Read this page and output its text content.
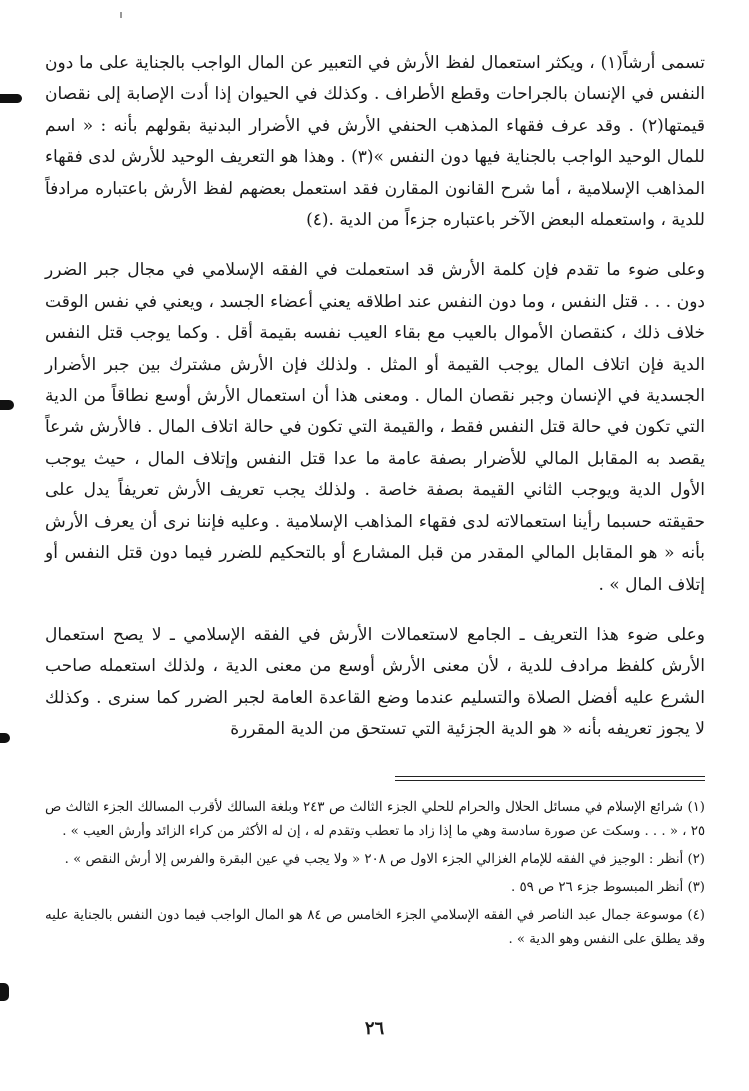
تسمى أرشاً‏(١) ، ويكثر استعمال لفظ الأرش في التعبير عن المال الواجب بالجناية على ما دون النفس في الإنسان بالجراحات وقطع الأطراف . وكذلك في الحيوان إذا أدت الإصابة إلى نقصان قيمتها‏(٢) . وقد عرف فقهاء المذهب الحنفي الأرش في الأضرار البدنية بقولهم بأنه : « اسم للمال الوحيد الواجب بالجناية فيها دون النفس »‏(٣) . وهذا هو التعريف الوحيد للأرش لدى فقهاء المذاهب الإسلامية ، أما شرح القانون المقارن فقد استعمل بعضهم لفظ الأرش باعتباره مرادفاً للدية ، واستعمله البعض الآخر باعتباره جزءاً من الدية .‏(٤)

وعلى ضوء ما تقدم فإن كلمة الأرش قد استعملت في الفقه الإسلامي في مجال جبر الضرر دون . . . قتل النفس ، وما دون النفس عند اطلاقه يعني أعضاء الجسد ، ويعني في نفس الوقت خلاف ذلك ، كنقصان الأموال بالعيب مع بقاء العيب نفسه بقيمة أقل . وكما يوجب قتل النفس الدية فإن اتلاف المال يوجب القيمة أو المثل . ولذلك فإن الأرش مشترك بين جبر الأضرار الجسدية في الإنسان وجبر نقصان المال . ومعنى هذا أن استعمال الأرش أوسع نطاقاً من الدية التي تكون في حالة قتل النفس فقط ، والقيمة التي تكون في حالة اتلاف المال . فالأرش شرعاً يقصد به المقابل المالي للأضرار بصفة عامة ما عدا قتل النفس وإتلاف المال ، حيث يوجب الأول الدية ويوجب الثاني القيمة بصفة خاصة . ولذلك يجب تعريف الأرش تعريفاً يدل على حقيقته حسبما رأينا استعمالاته لدى فقهاء المذاهب الإسلامية . وعليه فإننا نرى أن يعرف الأرش بأنه « هو المقابل المالي المقدر من قبل المشارع أو بالتحكيم للضرر فيما دون قتل النفس أو إتلاف المال » .

وعلى ضوء هذا التعريف ـ الجامع لاستعمالات الأرش في الفقه الإسلامي ـ لا يصح استعمال الأرش كلفظ مرادف للدية ، لأن معنى الأرش أوسع من معنى الدية ، ولذلك استعمله صاحب الشرع عليه أفضل الصلاة والتسليم عندما وضع القاعدة العامة لجبر الضرر كما سنرى . وكذلك لا يجوز تعريفه بأنه « هو الدية الجزئية التي تستحق من الدية المقررة

(١) شرائع الإسلام في مسائل الحلال والحرام للحلي الجزء الثالث ص ٢٤٣ وبلغة السالك لأقرب المسالك الجزء الثالث ص ٢٥ ، « . . . وسكت عن صورة سادسة وهي ما إذا زاد ما تعطب وتقدم له ، إن له الأكثر من كراء الزائد وأرش العيب » .

(٢) أنظر : الوجيز في الفقه للإمام الغزالي الجزء الاول ص ٢٠٨ « ولا يجب في عين البقرة والفرس إلا أرش النقص » .

(٣) أنظر المبسوط جزء ٢٦ ص ٥٩ .

(٤) موسوعة جمال عبد الناصر في الفقه الإسلامي الجزء الخامس ص ٨٤ هو المال الواجب فيما دون النفس بالجناية عليه وقد يطلق على النفس وهو الدية » .

٢٦
